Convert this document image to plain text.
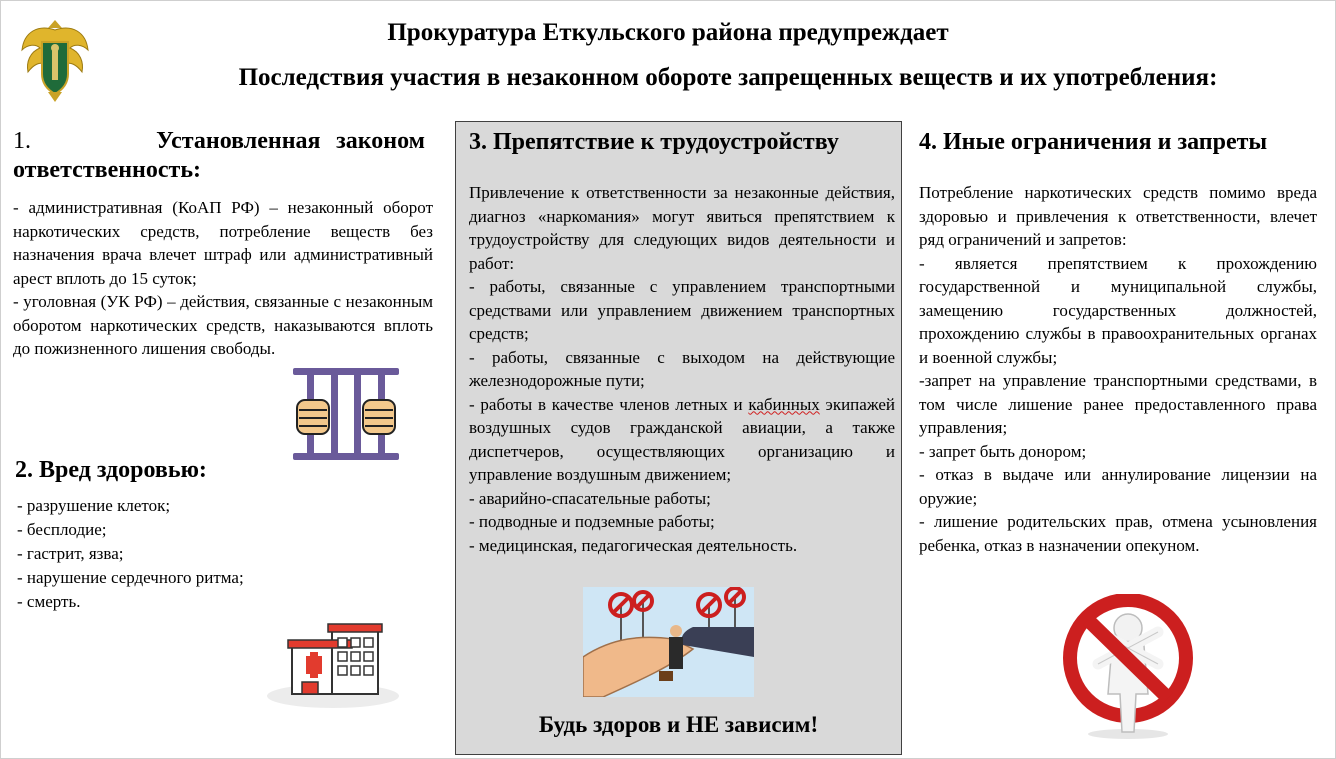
Прокуратура Еткульского района предупреждает
Последствия участия в незаконном обороте запрещенных веществ и их употребления:
1.	Установленная законом ответственность:

- административная (КоАП РФ) – незаконный оборот наркотических средств, потребление веществ без назначения врача влечет штраф или административный арест вплоть до 15 суток;

- уголовная (УК РФ) – действия, связанные с незаконным оборотом наркотических средств, наказываются вплоть до пожизненного лишения свободы.

2. Вред здоровью:
- разрушение клеток;
- бесплодие;
- гастрит, язва;
- нарушение сердечного ритма;
- смерть.
3. Препятствие к трудоустройству

Привлечение к ответственности за незаконные действия, диагноз «наркомания» могут явиться препятствием к трудоустройству для следующих видов деятельности и работ:

- работы, связанные с управлением транспортными средствами или управлением движением транспортных средств;

- работы, связанные с выходом на действующие железнодорожные пути;

- работы в качестве членов летных и кабинных экипажей воздушных судов гражданской авиации, а также диспетчеров, осуществляющих организацию и управление воздушным движением;

- аварийно-спасательные работы;

- подводные и подземные работы;

- медицинская, педагогическая деятельность.

Будь здоров и НЕ зависим!

4. Иные ограничения и запреты

Потребление наркотических средств помимо вреда здоровью и привлечения к ответственности, влечет ряд ограничений и запретов:

- является препятствием к прохождению государственной и муниципальной службы, замещению государственных должностей, прохождению службы в правоохранительных органах и военной службы;

-запрет на управление транспортными средствами, в том числе лишение ранее предоставленного права управления;

- запрет быть донором;

- отказ в выдаче или аннулирование лицензии на оружие;

- лишение родительских прав, отмена усыновления ребенка, отказ в назначении опекуном.
